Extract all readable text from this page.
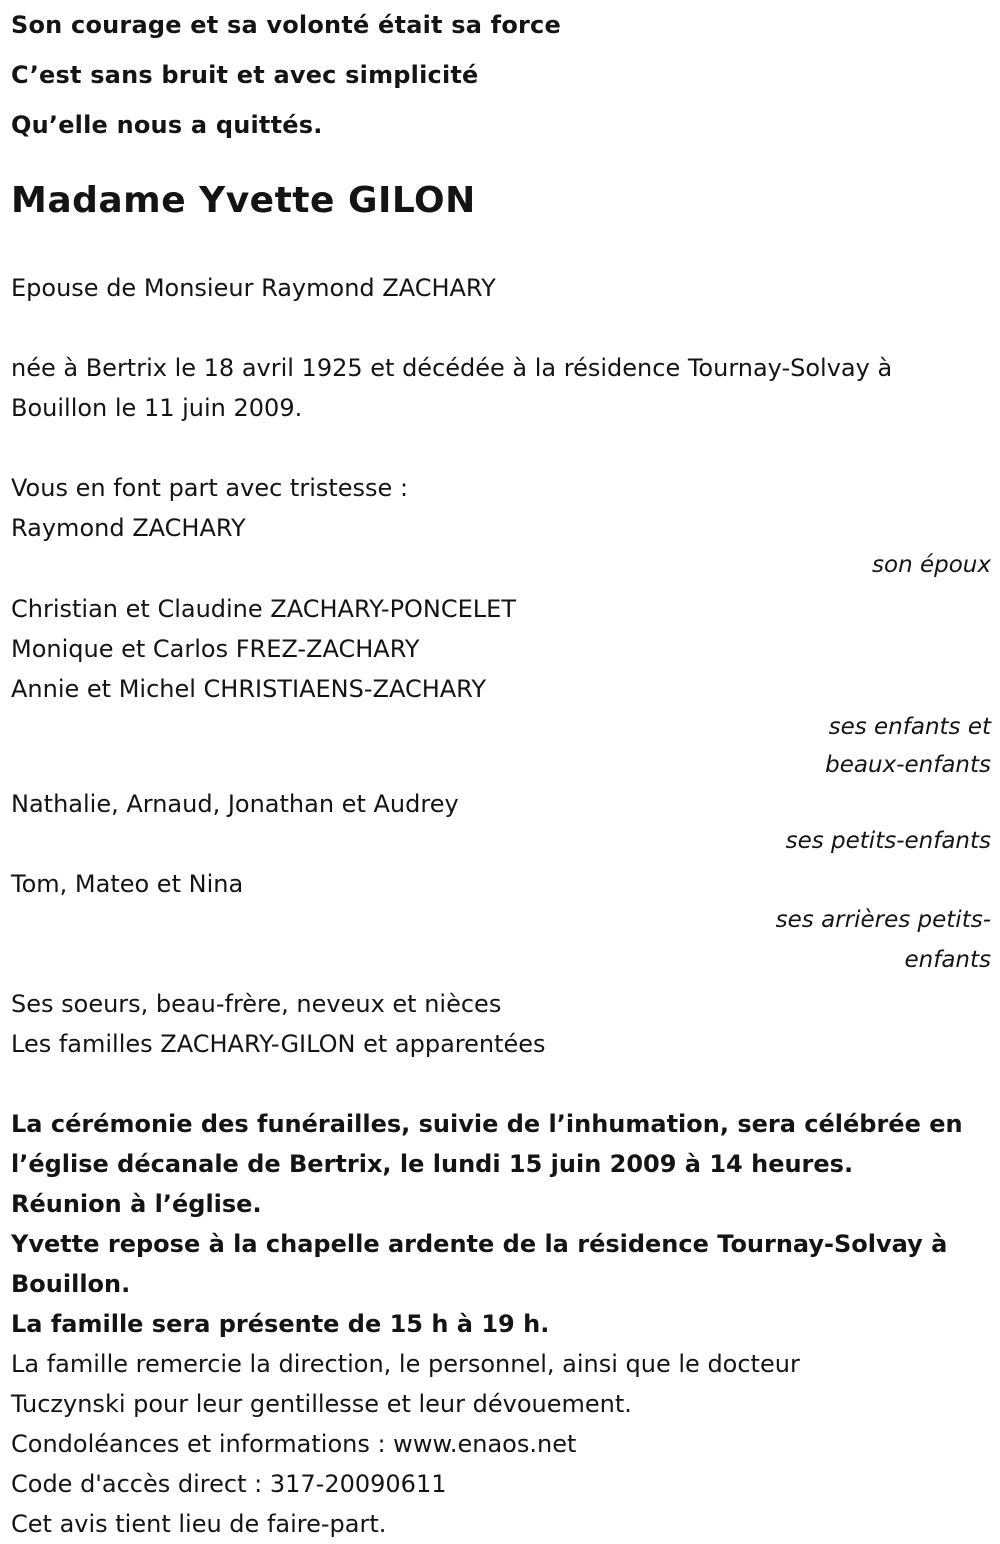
Son courage et sa volonté était sa force

C’est sans bruit et avec simplicité

Qu’elle nous a quittés.

Madame Yvette GILON

Epouse de Monsieur Raymond ZACHARY

née à Bertrix le 18 avril 1925 et décédée à la résidence Tournay-Solvay à

Bouillon le 11 juin 2009.

Vous en font part avec tristesse :

Raymond ZACHARY

son époux

Christian et Claudine ZACHARY-PONCELET

Monique et Carlos FREZ-ZACHARY

Annie et Michel CHRISTIAENS-ZACHARY

ses enfants et

beaux-enfants

Nathalie, Arnaud, Jonathan et Audrey

ses petits-enfants

Tom, Mateo et Nina

ses arrières petits-

enfants

Ses soeurs, beau-frère, neveux et nièces

Les familles ZACHARY-GILON et apparentées

La cérémonie des funérailles, suivie de l’inhumation, sera célébrée en

l’église décanale de Bertrix, le lundi 15 juin 2009 à 14 heures.

Réunion à l’église.

Yvette repose à la chapelle ardente de la résidence Tournay-Solvay à

Bouillon.

La famille sera présente de 15 h à 19 h.

La famille remercie la direction, le personnel, ainsi que le docteur

Tuczynski pour leur gentillesse et leur dévouement.

Condoléances et informations : www.enaos.net

Code d'accès direct : 317-20090611

Cet avis tient lieu de faire-part.
